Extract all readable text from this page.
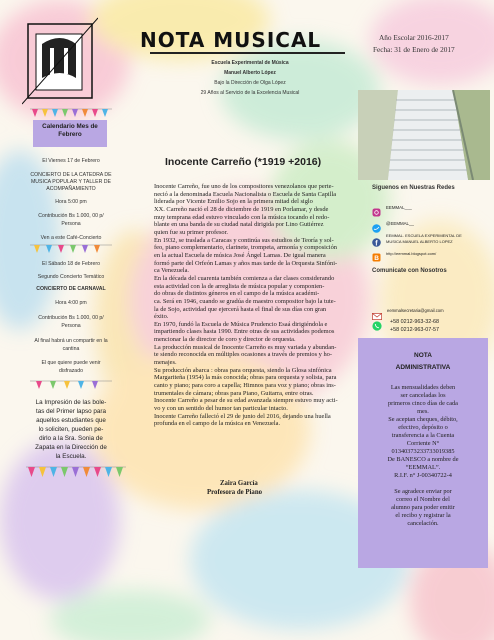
NOTA MUSICAL
Escuela Experimental de Música
Manuel Alberto López
Bajo la Dirección de Olga López
29 Años al Servicio de la Excelencia Musical
Año Escolar 2016-2017
Fecha: 31 de Enero de 2017
Calendario Mes de Febrero
El Viernes 17 de Febrero
CONCIERTO DE LA CATEDRA DE
MUSICA POPULAR Y TALLER DE
ACOMPAÑAMIENTO
Hora 5:00 pm
Contribución Bs 1.000, 00 p/
Persona
Ven a este Café-Concierto
El Sábado 18 de Febrero
Segundo Concierto Temático
CONCIERTO DE CARNAVAL
Hora 4:00 pm
Contribución Bs 1.000, 00 p/
Persona
Al final habrá un compartir en la
cantina
El que quiere puede venir
disfrazado
La Impresión de las bole-
tas del Primer lapso para
aquellos estudiantes que
lo soliciten, pueden pe-
dirlo a la Sra. Sonia de
Zapata en la Dirección de
la Escuela.
Inocente Carreño (*1919 +2016)

Inocente Carreño, fue uno de los compositores venezolanos que perte-

neció a la denominada Escuela Nacionalista o Escuela de Santa Capilla

liderada por Vicente Emilio Sojo en la primera mitad del siglo

XX. Carreño nació el 28 de diciembre de 1919 en Porlamar, y desde

muy temprana edad estuvo vinculado con la música tocando el redo-

blante en una banda de su ciudad natal dirigida por Lino Gutiérrez

quien fue su primer profesor.

En 1932, se traslada a Caracas y continúa sus estudios de Teoría y sol-

feo, piano complementario, clarinete, trompeta, armonía y composición

en la actual Escuela de música José Ángel Lamas. De igual manera

formó parte del Orfeón Lamas y años mas tarde de la Orquesta Sinfóni-

ca Venezuela.

En la década del cuarenta también comienza a dar clases considerando

esta actividad con la de arreglista de música popular y componien-

do obras de distintos géneros en el campo de la música académi-

ca. Será en 1946, cuando se gradúa de maestro compositor bajo la tute-

la de Sojo, actividad que ejercerá hasta el final de sus días con gran

éxito.

En 1970, fundó la Escuela de Música Prudencio Esaá dirigiéndola e

impartiendo clases hasta 1990. Entre otras de sus actividades podemos

mencionar la de director de coro y director de orquesta.

La producción musical de Inocente Carreño es muy variada y abundan-

te siendo reconocida en múltiples ocasiones a través de premios y ho-

menajes.

Su producción abarca : obras para orquesta, siendo la Glosa sinfónica

Margariteña (1954) la más conocida; obras para orquesta y solista, para

canto y piano; para coro a capella; Himnos para voz y piano; obras ins-

trumentales de cámara; obras para Piano, Guitarra, entre otras.

Inocente Carreño a pesar de su edad avanzada siempre estuvo muy acti-

vo y con un sentido del humor tan particular intacto.

Inocente Carreño falleció el 29 de junio del 2016, dejando una huella

profunda en el campo de la música en Venezuela.

Zaira García
Profesora de Piano
Siguenos en Nuestras Redes
EEMMAL___
@EEMMAL__
f
EEMMAL. ESCUELA EXPERIMENTAL DE
MUSICA MANUEL ALBERTO LOPEZ
B
http://eemmal.blogspot.com/
Comunicate con Nosotros
eemmalsecretaria@gmail.com
+58 0212-963-32-68
+58 0212-963-07-57
NOTA
ADMINISTRATIVA
Las mensualidades deben
ser canceladas los
primeros cinco días de cada
mes.
Se aceptan cheques, débito,
efectivo, depósito o
transferencia a la Cuenta
Corriente N°
01340373233733019385
De BANESCO a nombre de
“EEMMAL”.
R.I.F. n° J-00340722-4

Se agradece enviar por
correo el Nombre del
alumno para poder emitir
el recibo y registrar la
cancelación.
